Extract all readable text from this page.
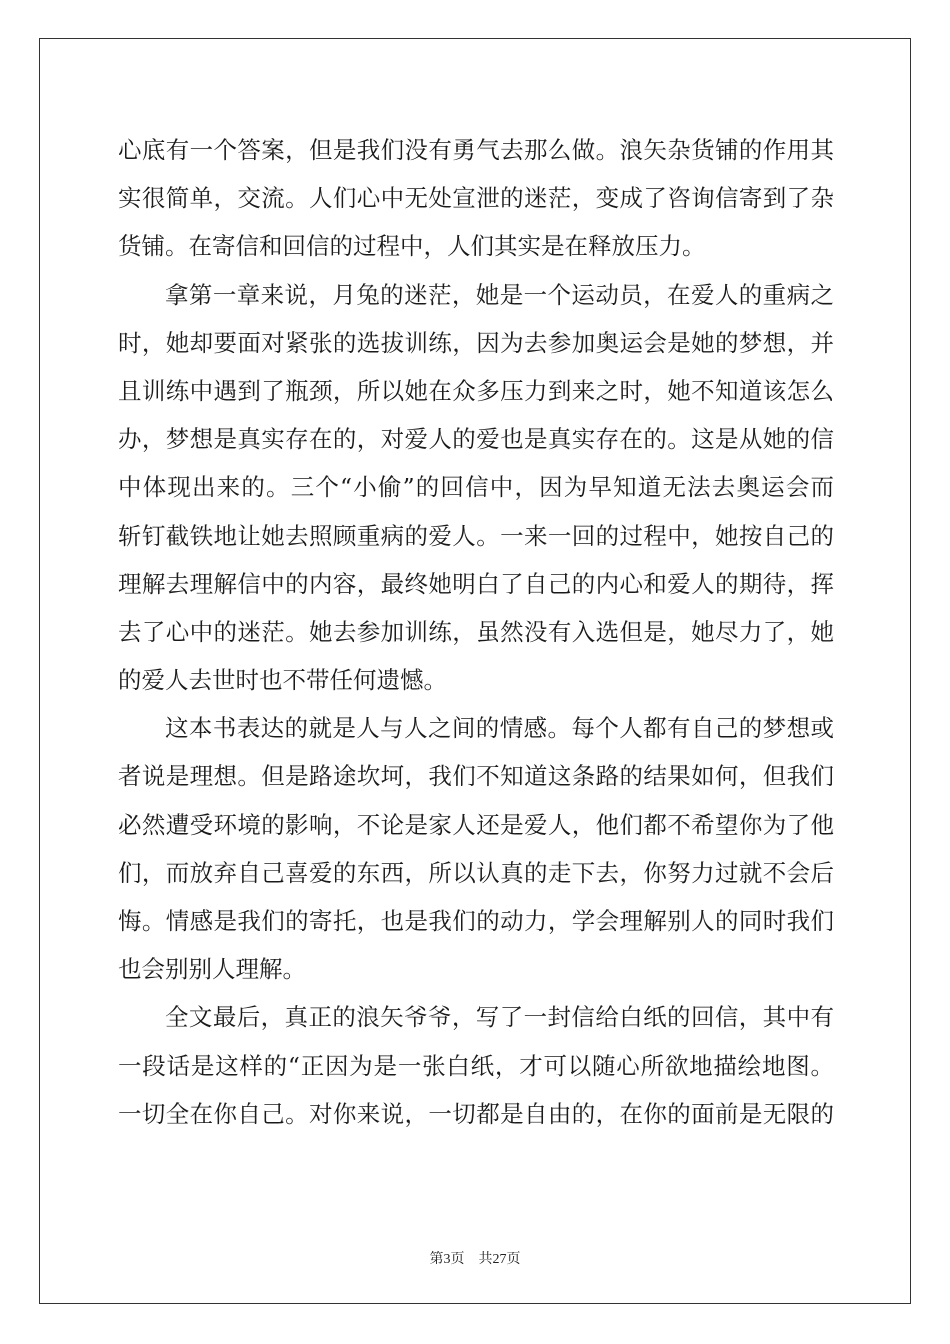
心底有一个答案，但是我们没有勇气去那么做。浪矢杂货铺的作用其
实很简单，交流。人们心中无处宣泄的迷茫，变成了咨询信寄到了杂
货铺。在寄信和回信的过程中，人们其实是在释放压力。
拿第一章来说，月兔的迷茫，她是一个运动员，在爱人的重病之
时，她却要面对紧张的选拔训练，因为去参加奥运会是她的梦想，并
且训练中遇到了瓶颈，所以她在众多压力到来之时，她不知道该怎么
办，梦想是真实存在的，对爱人的爱也是真实存在的。这是从她的信
中体现出来的。三个“小偷”的回信中，因为早知道无法去奥运会而
斩钉截铁地让她去照顾重病的爱人。一来一回的过程中，她按自己的
理解去理解信中的内容，最终她明白了自己的内心和爱人的期待，挥
去了心中的迷茫。她去参加训练，虽然没有入选但是，她尽力了，她
的爱人去世时也不带任何遗憾。
这本书表达的就是人与人之间的情感。每个人都有自己的梦想或
者说是理想。但是路途坎坷，我们不知道这条路的结果如何，但我们
必然遭受环境的影响，不论是家人还是爱人，他们都不希望你为了他
们，而放弃自己喜爱的东西，所以认真的走下去，你努力过就不会后
悔。情感是我们的寄托，也是我们的动力，学会理解别人的同时我们
也会别别人理解。
全文最后，真正的浪矢爷爷，写了一封信给白纸的回信，其中有
一段话是这样的“正因为是一张白纸，才可以随心所欲地描绘地图。
一切全在你自己。对你来说，一切都是自由的，在你的面前是无限的
第3页 共27页
